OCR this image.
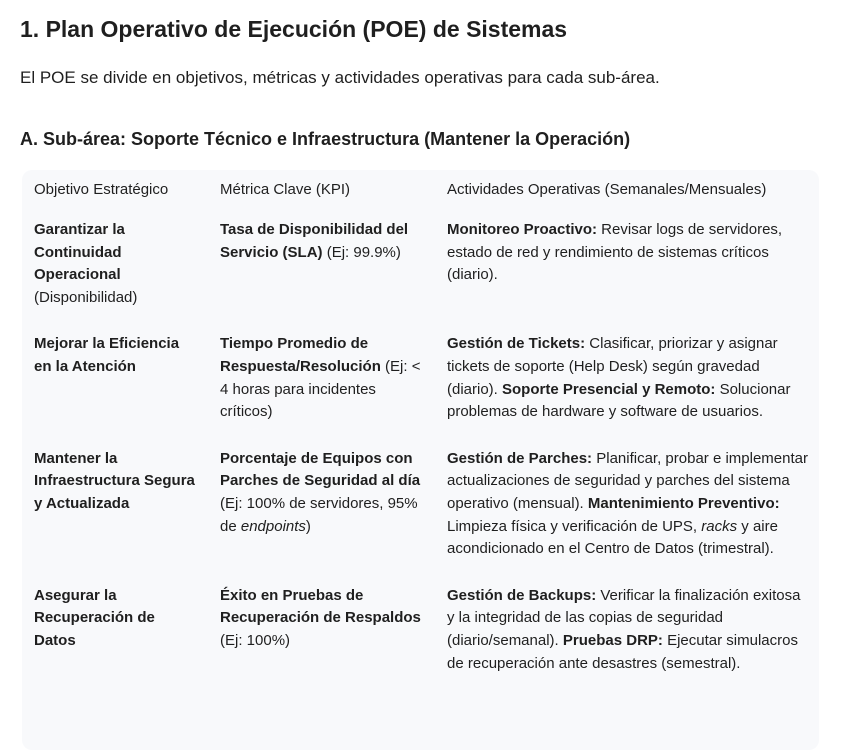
1. Plan Operativo de Ejecución (POE) de Sistemas

El POE se divide en objetivos, métricas y actividades operativas para cada sub-área.

A. Sub-área: Soporte Técnico e Infraestructura (Mantener la Operación)
Objetivo Estratégico	Métrica Clave (KPI)	Actividades Operativas (Semanales/Mensuales)
Garantizar la Continuidad Operacional (Disponibilidad)	Tasa de Disponibilidad del Servicio (SLA) (Ej: 99.9%)	Monitoreo Proactivo: Revisar logs de servidores, estado de red y rendimiento de sistemas críticos (diario).
Mejorar la Eficiencia en la Atención	Tiempo Promedio de Respuesta/Resolución (Ej: < 4 horas para incidentes críticos)	Gestión de Tickets: Clasificar, priorizar y asignar tickets de soporte (Help Desk) según gravedad (diario). Soporte Presencial y Remoto: Solucionar problemas de hardware y software de usuarios.
Mantener la Infraestructura Segura y Actualizada	Porcentaje de Equipos con Parches de Seguridad al día (Ej: 100% de servidores, 95% de endpoints)	Gestión de Parches: Planificar, probar e implementar actualizaciones de seguridad y parches del sistema operativo (mensual). Mantenimiento Preventivo: Limpieza física y verificación de UPS, racks y aire acondicionado en el Centro de Datos (trimestral).
Asegurar la Recuperación de Datos	Éxito en Pruebas de Recuperación de Respaldos (Ej: 100%)	Gestión de Backups: Verificar la finalización exitosa y la integridad de las copias de seguridad (diario/semanal). Pruebas DRP: Ejecutar simulacros de recuperación ante desastres (semestral).
